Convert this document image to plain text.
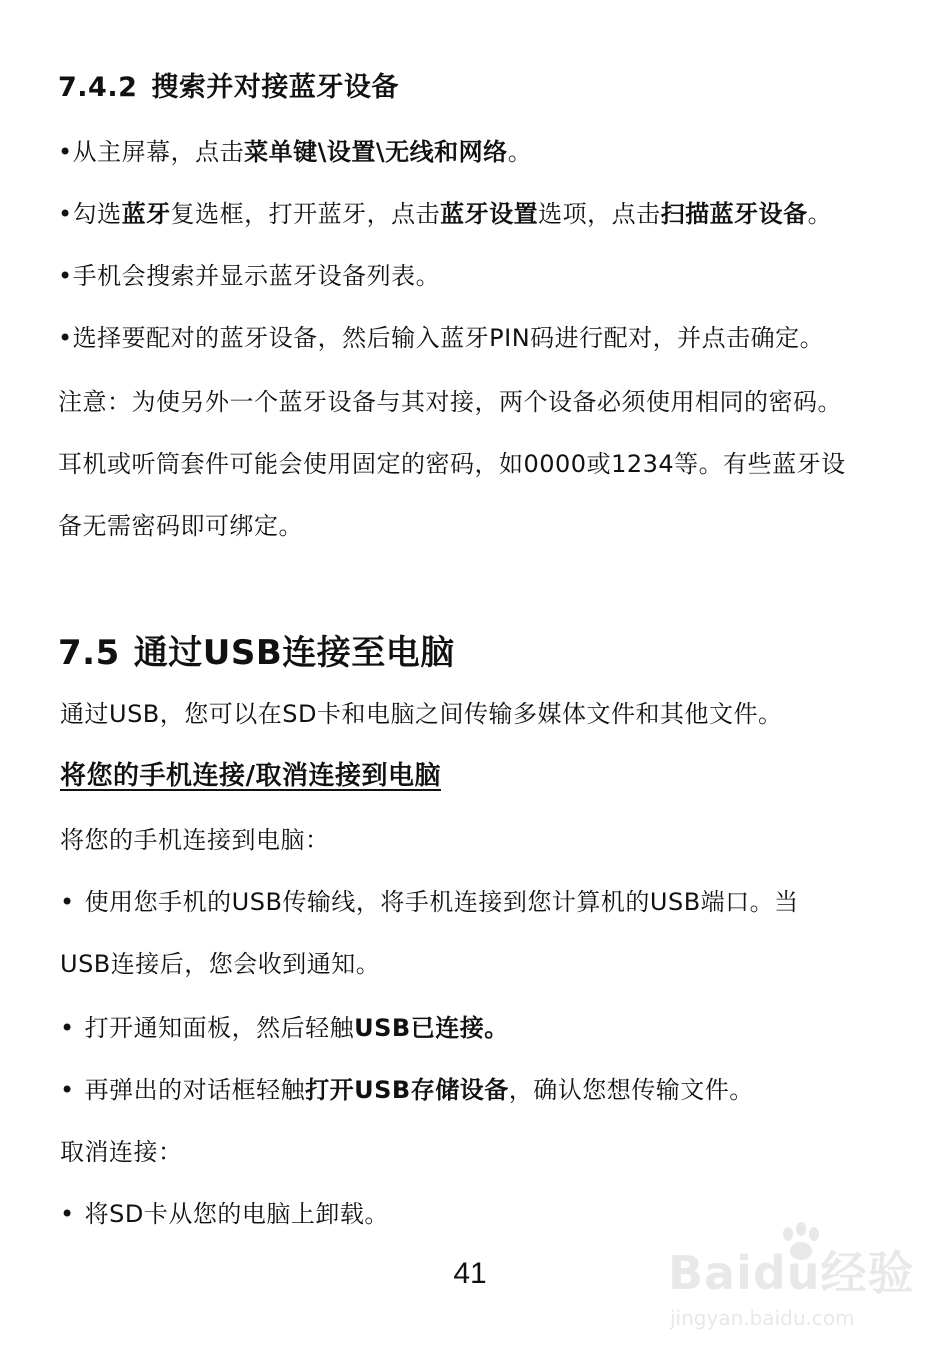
7.4.2 搜索并对接蓝牙设备
•从主屏幕，点击菜单键\设置\无线和网络。
•勾选蓝牙复选框，打开蓝牙，点击蓝牙设置选项，点击扫描蓝牙设备。
•手机会搜索并显示蓝牙设备列表。
•选择要配对的蓝牙设备，然后输入蓝牙PIN码进行配对，并点击确定。
注意：为使另外一个蓝牙设备与其对接，两个设备必须使用相同的密码。
耳机或听筒套件可能会使用固定的密码，如0000或1234等。有些蓝牙设
备无需密码即可绑定。
7.5 通过USB连接至电脑
通过USB，您可以在SD卡和电脑之间传输多媒体文件和其他文件。
将您的手机连接/取消连接到电脑
将您的手机连接到电脑：
• 使用您手机的USB传输线，将手机连接到您计算机的USB端口。当
USB连接后，您会收到通知。
• 打开通知面板，然后轻触USB已连接。
• 再弹出的对话框轻触打开USB存储设备，确认您想传输文件。
取消连接：
• 将SD卡从您的电脑上卸载。
41	Baidu经验
jingyan.baidu.com
